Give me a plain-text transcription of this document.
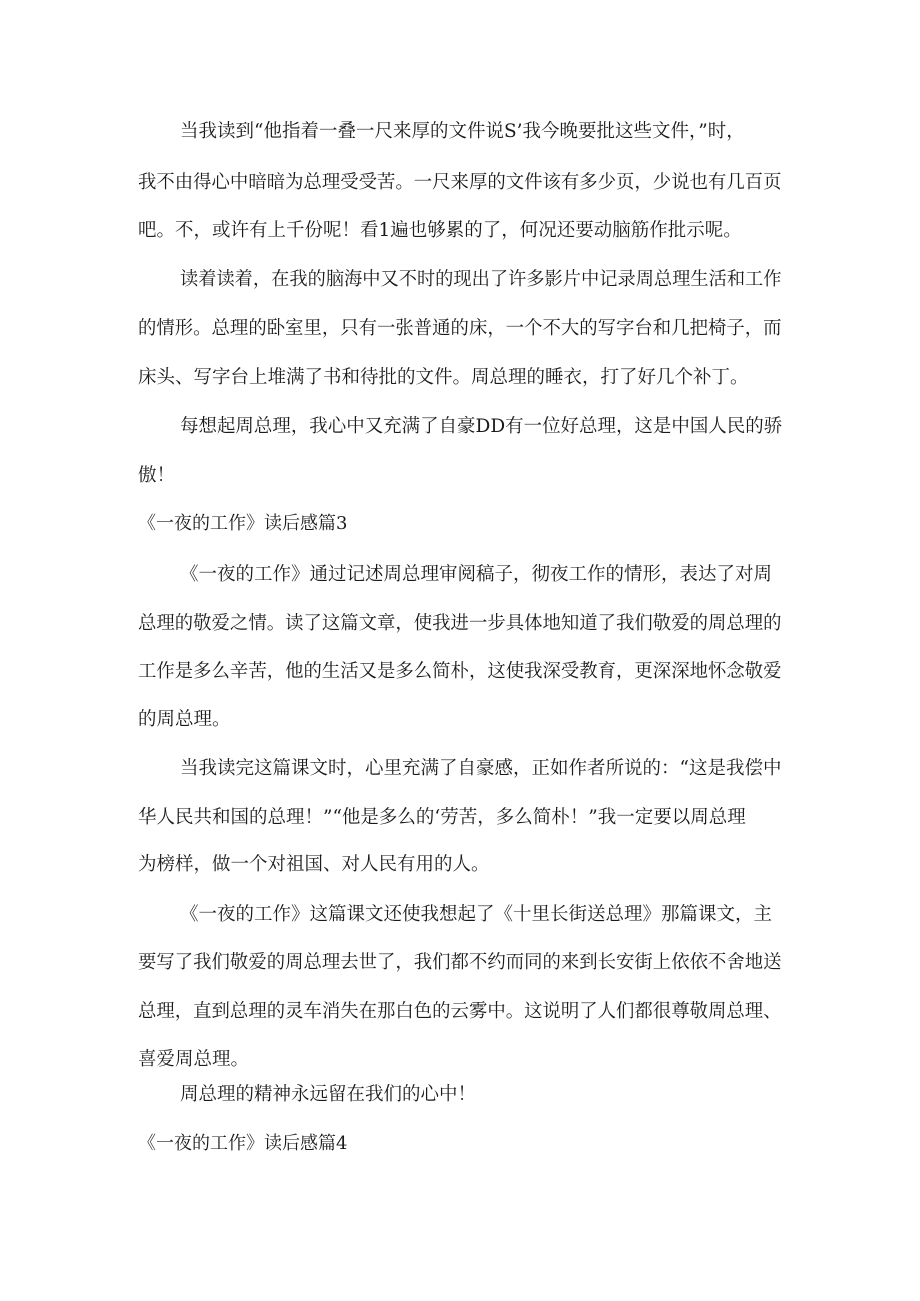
当我读到“他指着一叠一尺来厚的文件说S’我今晚要批这些文件，”时，
我不由得心中暗暗为总理受受苦。一尺来厚的文件该有多少页，少说也有几百页
吧。不，或许有上千份呢！看1遍也够累的了，何况还要动脑筋作批示呢。
读着读着，在我的脑海中又不时的现出了许多影片中记录周总理生活和工作
的情形。总理的卧室里，只有一张普通的床，一个不大的写字台和几把椅子，而
床头、写字台上堆满了书和待批的文件。周总理的睡衣，打了好几个补丁。
每想起周总理，我心中又充满了自豪DD有一位好总理，这是中国人民的骄
傲！
《一夜的工作》读后感篇3
《一夜的工作》通过记述周总理审阅稿子，彻夜工作的情形，表达了对周
总理的敬爱之情。读了这篇文章，使我进一步具体地知道了我们敬爱的周总理的
工作是多么辛苦，他的生活又是多么简朴，这使我深受教育，更深深地怀念敬爱
的周总理。
当我读完这篇课文时，心里充满了自豪感，正如作者所说的：“这是我偿中
华人民共和国的总理！”“他是多么的‘劳苦，多么简朴！”我一定要以周总理
为榜样，做一个对祖国、对人民有用的人。
《一夜的工作》这篇课文还使我想起了《十里长街送总理》那篇课文，主
要写了我们敬爱的周总理去世了，我们都不约而同的来到长安街上依依不舍地送
总理，直到总理的灵车消失在那白色的云雾中。这说明了人们都很尊敬周总理、
喜爱周总理。
周总理的精神永远留在我们的心中！
《一夜的工作》读后感篇4
